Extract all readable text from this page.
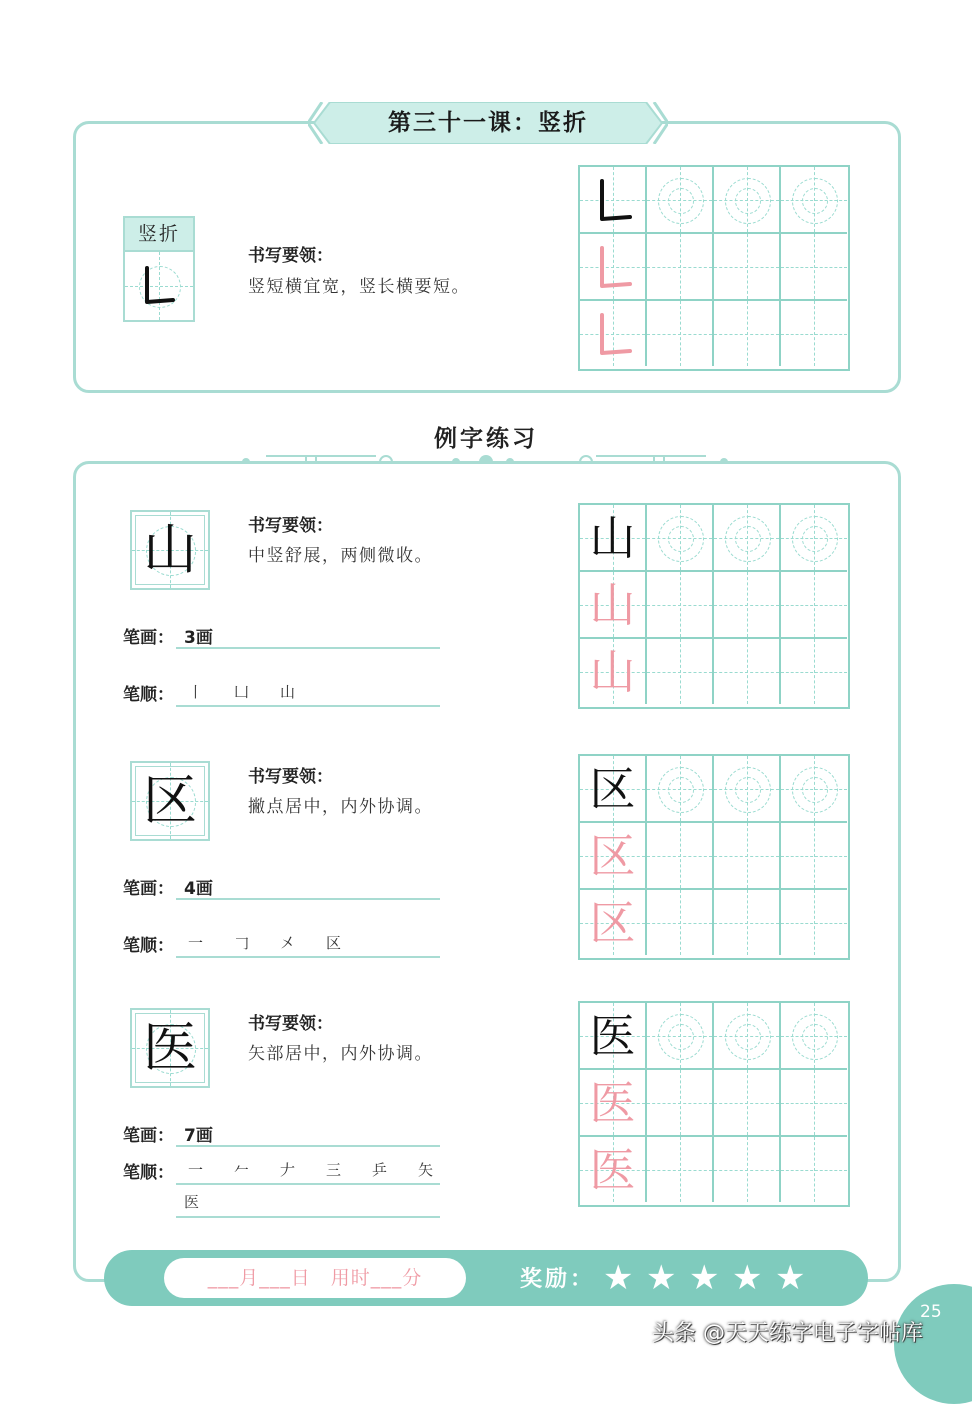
第三十一课：竖折
竖折
书写要领：
竖短横宜宽，竖长横要短。
例字练习
山	书写要领：
中竖舒展，两侧微收。
笔画： 3画
笔顺： 丨 凵 山
山
山
山
区	书写要领：
撇点居中，内外协调。
笔画： 4画
笔顺： 一 𠃌 㐅 区
区
区
区
医	书写要领：
矢部居中，内外协调。
笔画： 7画
笔顺： 一 𠂉 𠂇 三 乒 矢
医
医
医
医
___月___日　用时___分	奖励： ★ ★ ★ ★ ★
25
头条 @天天练字电子字帖库
